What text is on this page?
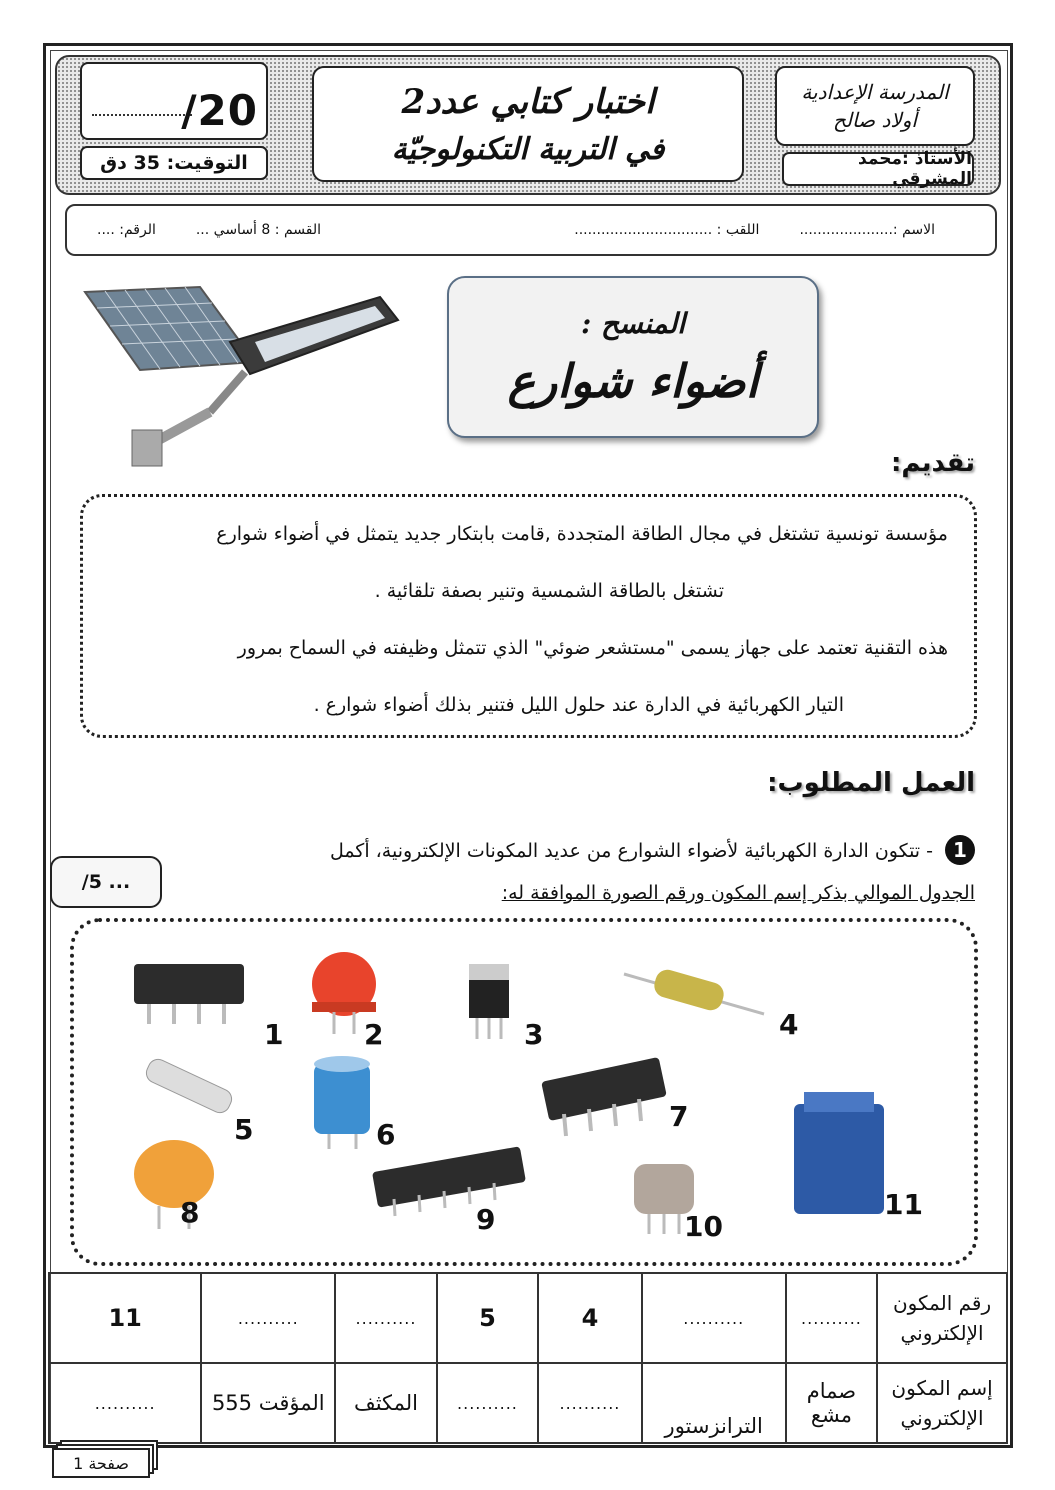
/20
التوقيت: 35 دق
اختبار كتابي عدد2
في التربية التكنولوجيّة
المدرسة الإعدادية
أولاد صالح
الأستاذ :محمد المشرقي
الاسم :.....................
اللقب : ...............................
القسم : 8 أساسي ...
الرقم: ....
المنسح :
أضواء شوارع
تقديم:
مؤسسة تونسية تشتغل في مجال الطاقة المتجددة ,قامت بابتكار جديد يتمثل في أضواء شوارع
تشتغل بالطاقة الشمسية وتنير بصفة تلقائية .
هذه التقنية تعتمد على جهاز يسمى "مستشعر ضوئي" الذي تتمثل وظيفته في السماح بمرور
التيار الكهربائية في الدارة عند حلول الليل فتنير بذلك أضواء شوارع .
العمل المطلوب:
1
- تتكون الدارة الكهربائية لأضواء الشوارع من عديد المكونات الإلكترونية، أكمل
الجدول الموالي بذكر إسم المكون ورقم الصورة الموافقة له:
/5 ...
1	2	3	4
5	6
7
8	9	10
11
رقم المكون الإلكتروني	..........	..........	4	5	..........	..........	11
إسم المكون الإلكتروني	صمام مشع	الترانزستور	..........	..........	المكثف	المؤقت 555	..........
صفحة 1
